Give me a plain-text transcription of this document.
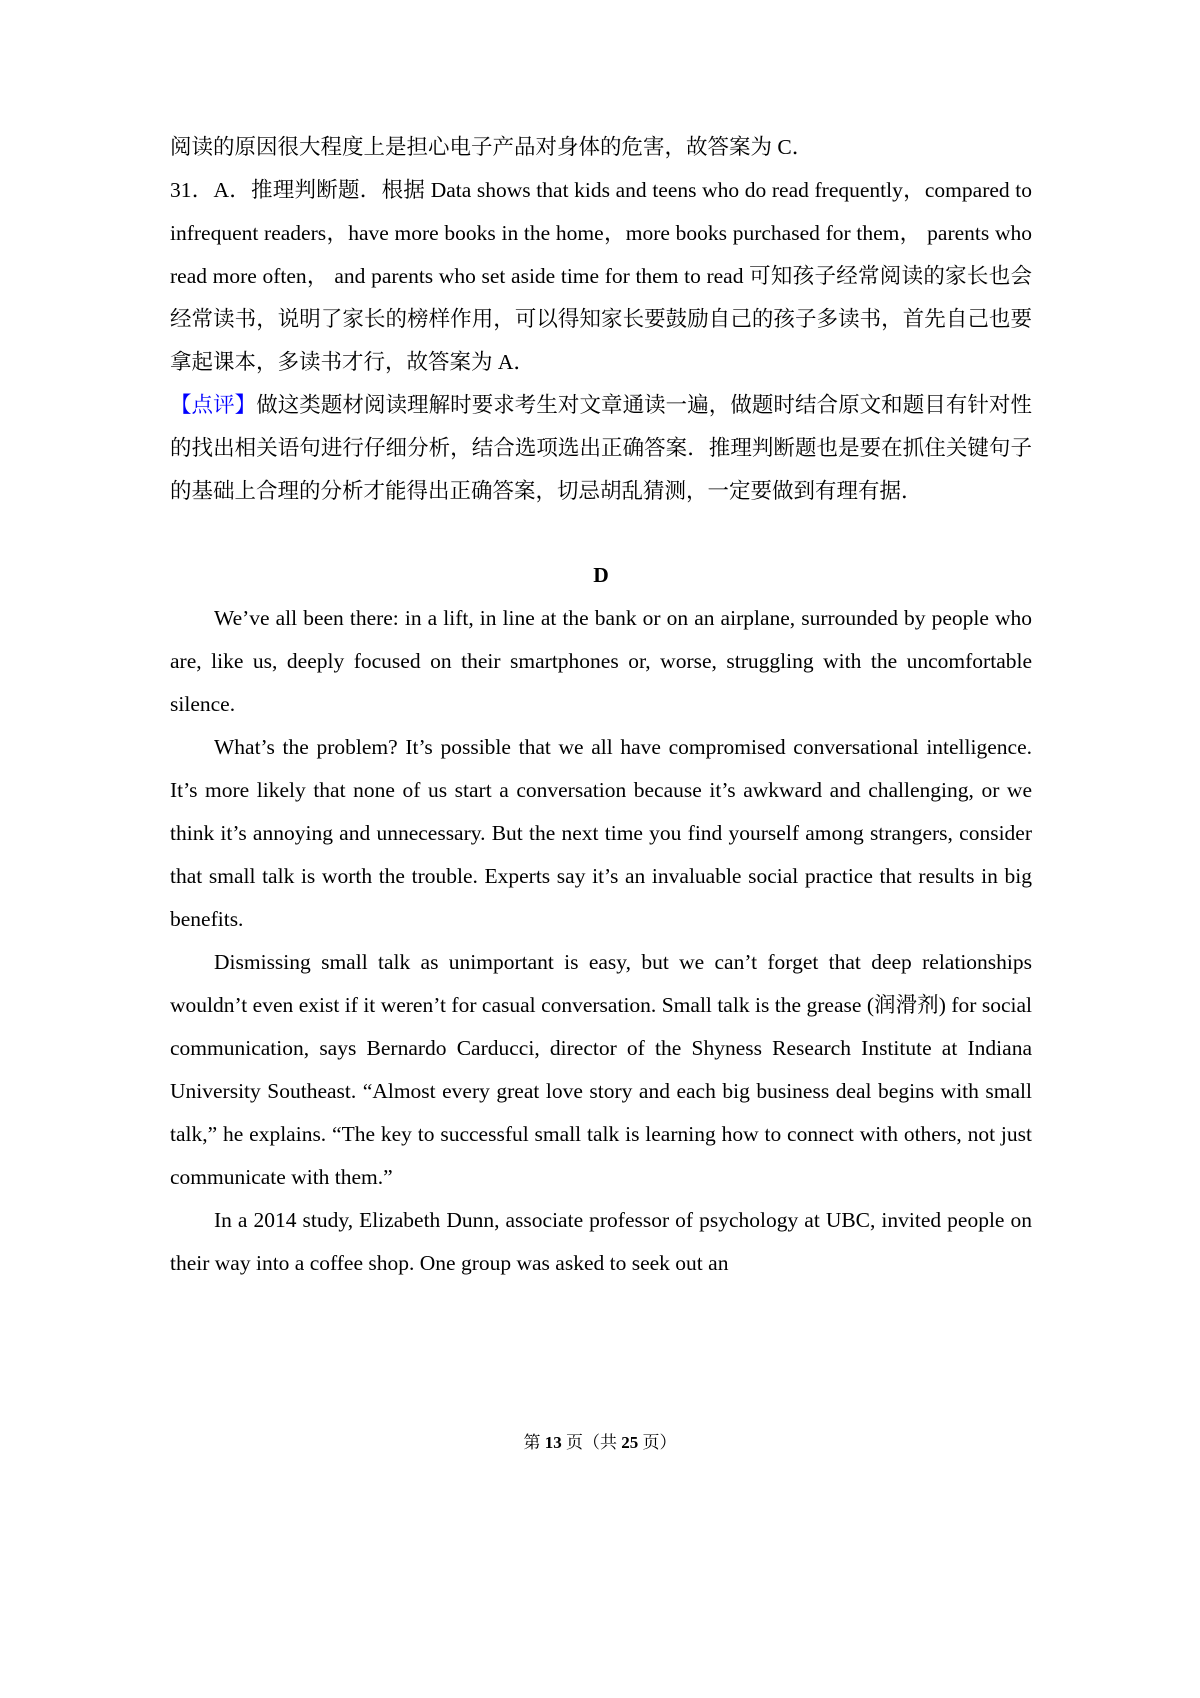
阅读的原因很大程度上是担心电子产品对身体的危害，故答案为 C．

31．A．推理判断题．根据 Data shows that kids and teens who do read frequently，compared to infrequent readers，have more books in the home，more books purchased for them， parents who read more often， and parents who set aside time for them to read 可知孩子经常阅读的家长也会经常读书，说明了家长的榜样作用，可以得知家长要鼓励自己的孩子多读书，首先自己也要拿起课本，多读书才行，故答案为 A．

【点评】做这类题材阅读理解时要求考生对文章通读一遍，做题时结合原文和题目有针对性的找出相关语句进行仔细分析，结合选项选出正确答案．推理判断题也是要在抓住关键句子的基础上合理的分析才能得出正确答案，切忌胡乱猜测，一定要做到有理有据．

D

We’ve all been there: in a lift, in line at the bank or on an airplane, surrounded by people who are, like us, deeply focused on their smartphones or, worse, struggling with the uncomfortable silence.

What’s the problem? It’s possible that we all have compromised conversational intelligence. It’s more likely that none of us start a conversation because it’s awkward and challenging, or we think it’s annoying and unnecessary. But the next time you find yourself among strangers, consider that small talk is worth the trouble. Experts say it’s an invaluable social practice that results in big benefits.

Dismissing small talk as unimportant is easy, but we can’t forget that deep relationships wouldn’t even exist if it weren’t for casual conversation. Small talk is the grease (润滑剂) for social communication, says Bernardo Carducci, director of the Shyness Research Institute at Indiana University Southeast. “Almost every great love story and each big business deal begins with small talk,” he explains. “The key to successful small talk is learning how to connect with others, not just communicate with them.”

In a 2014 study, Elizabeth Dunn, associate professor of psychology at UBC, invited people on their way into a coffee shop. One group was asked to seek out an

第 13 页（共 25 页）
